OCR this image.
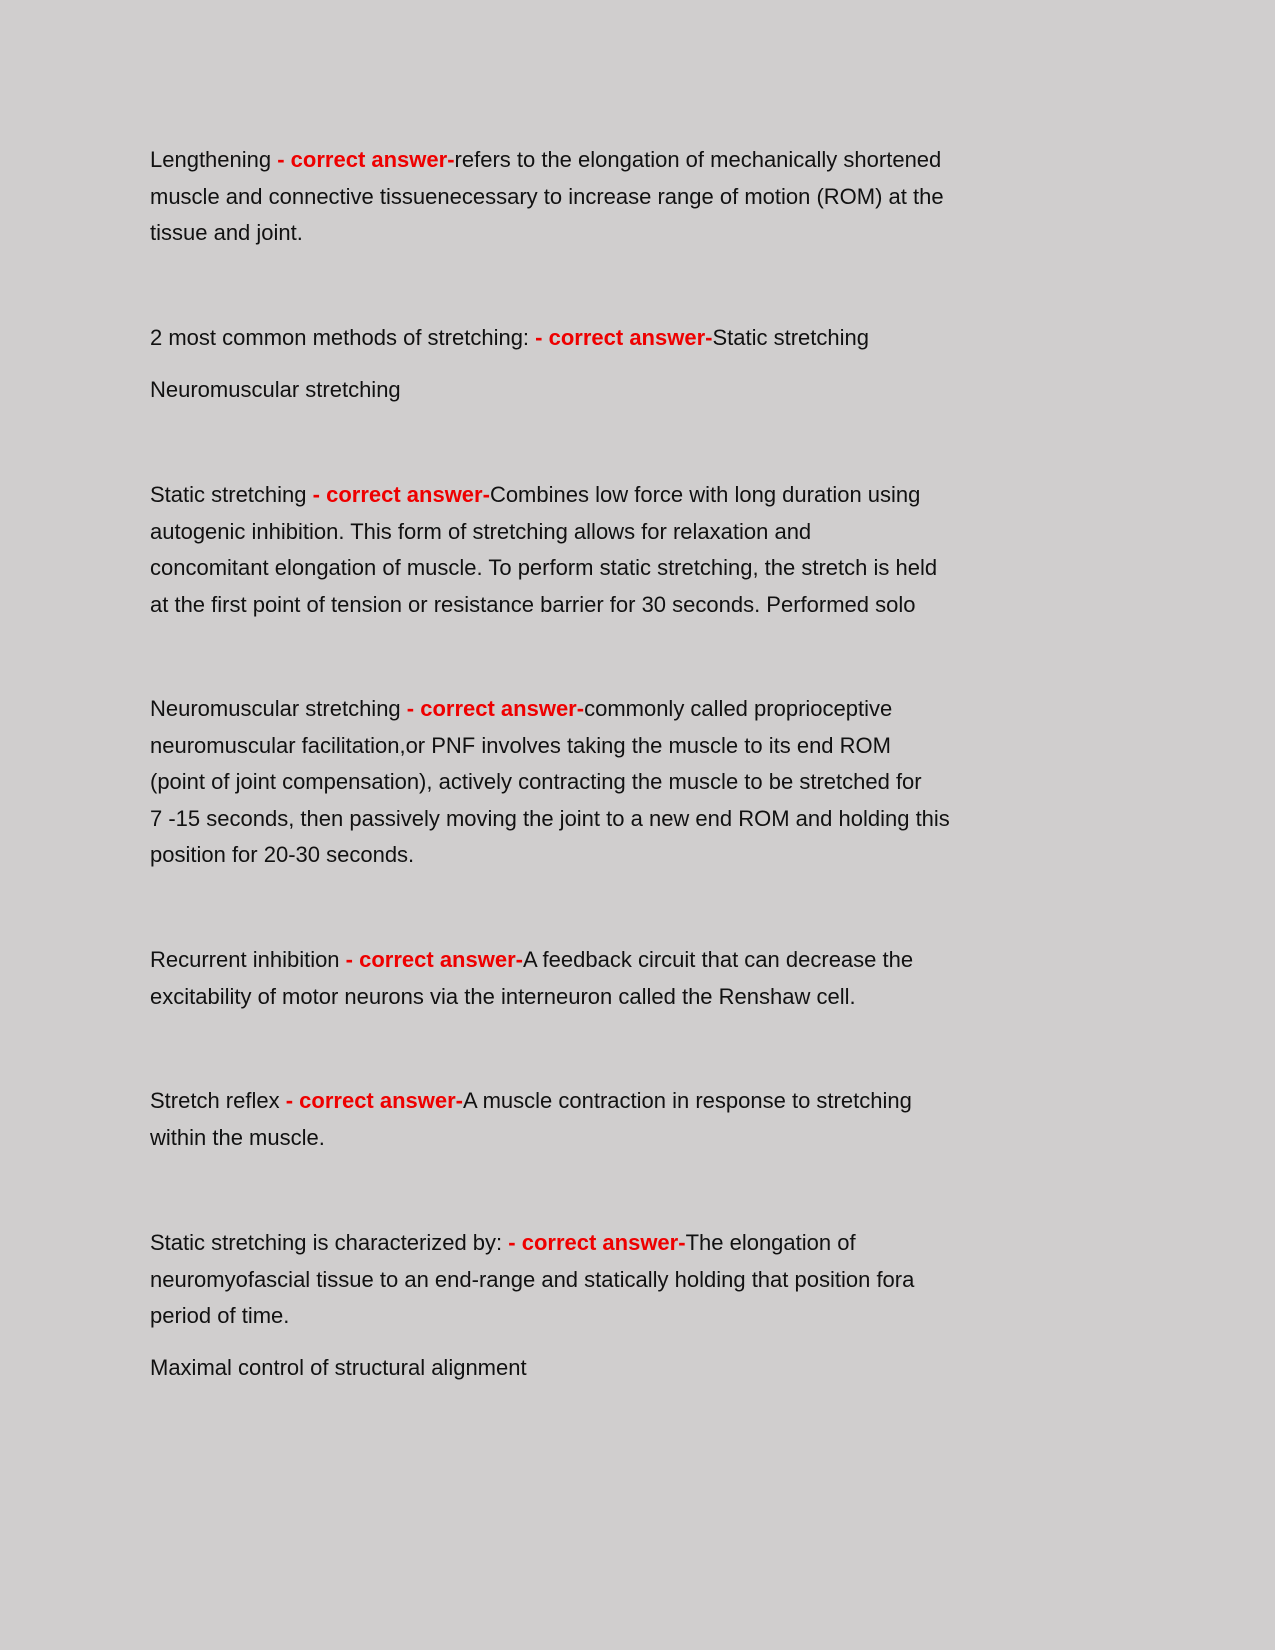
Lengthening - correct answer-refers to the elongation of mechanically shortened
muscle and connective tissuenecessary to increase range of motion (ROM) at the
tissue and joint.
2 most common methods of stretching: - correct answer-Static stretching
Neuromuscular stretching
Static stretching - correct answer-Combines low force with long duration using
autogenic inhibition. This form of stretching allows for relaxation and
concomitant elongation of muscle. To perform static stretching, the stretch is held
at the first point of tension or resistance barrier for 30 seconds. Performed solo
Neuromuscular stretching - correct answer-commonly called proprioceptive
neuromuscular facilitation,or PNF involves taking the muscle to its end ROM
(point of joint compensation), actively contracting the muscle to be stretched for
7 -15 seconds, then passively moving the joint to a new end ROM and holding this
position for 20-30 seconds.
Recurrent inhibition - correct answer-A feedback circuit that can decrease the
excitability of motor neurons via the interneuron called the Renshaw cell.
Stretch reflex - correct answer-A muscle contraction in response to stretching
within the muscle.
Static stretching is characterized by: - correct answer-The elongation of
neuromyofascial tissue to an end-range and statically holding that position fora
period of time.
Maximal control of structural alignment
